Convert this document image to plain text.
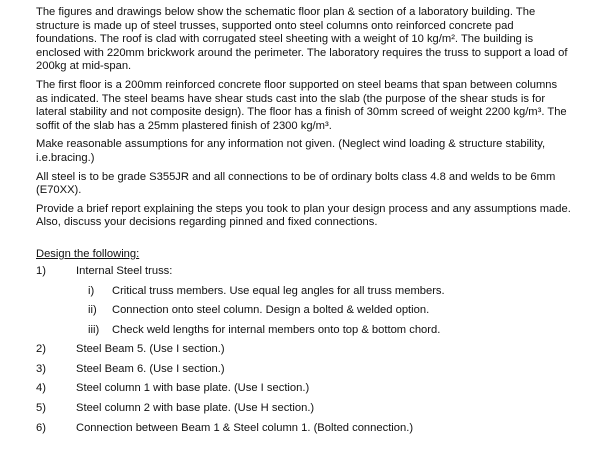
The figures and drawings below show the schematic floor plan & section of a laboratory building. The structure is made up of steel trusses, supported onto steel columns onto reinforced concrete pad foundations. The roof is clad with corrugated steel sheeting with a weight of 10 kg/m². The building is enclosed with 220mm brickwork around the perimeter. The laboratory requires the truss to support a load of 200kg at mid-span.

The first floor is a 200mm reinforced concrete floor supported on steel beams that span between columns as indicated. The steel beams have shear studs cast into the slab (the purpose of the shear studs is for lateral stability and not composite design). The floor has a finish of 30mm screed of weight 2200 kg/m³. The soffit of the slab has a 25mm plastered finish of 2300 kg/m³.

Make reasonable assumptions for any information not given. (Neglect wind loading & structure stability, i.e.bracing.)

All steel is to be grade S355JR and all connections to be of ordinary bolts class 4.8 and welds to be 6mm (E70XX).

Provide a brief report explaining the steps you took to plan your design process and any assumptions made. Also, discuss your decisions regarding pinned and fixed connections.

Design the following:
1)	Internal Steel truss:
i) Critical truss members. Use equal leg angles for all truss members.
ii) Connection onto steel column. Design a bolted & welded option.
iii) Check weld lengths for internal members onto top & bottom chord.
2)	Steel Beam 5. (Use I section.)
3)	Steel Beam 6. (Use I section.)
4)	Steel column 1 with base plate. (Use I section.)
5)	Steel column 2 with base plate. (Use H section.)
6)	Connection between Beam 1 & Steel column 1. (Bolted connection.)
